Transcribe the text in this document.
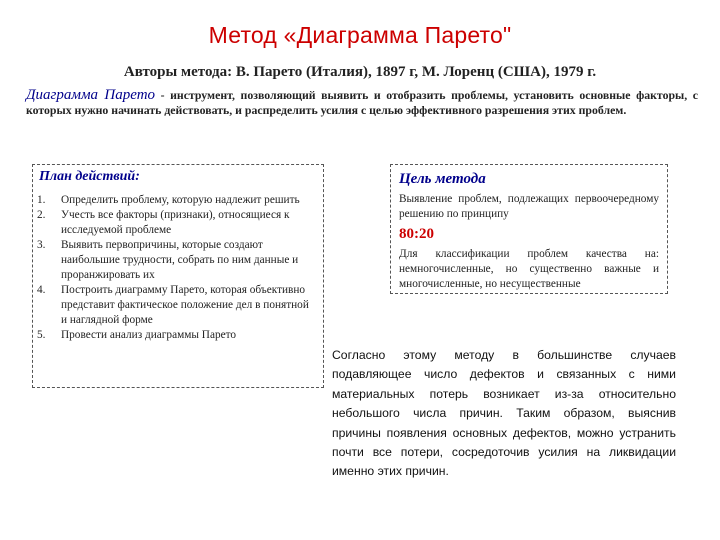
Метод «Диаграмма Парето"
Авторы метода: В. Парето (Италия), 1897 г, М. Лоренц (США), 1979 г.
Диаграмма Парето - инструмент, позволяющий выявить и отобразить проблемы, установить основные факторы, с которых нужно начинать действовать, и распределить усилия с целью эффективного разрешения этих проблем.
План действий:
1.	Определить проблему, которую надлежит решить
2.	Учесть все факторы (признаки), относящиеся к исследуемой проблеме
3.	Выявить первопричины, которые создают наибольшие трудности, собрать по ним данные и проранжировать их
4.	Построить диаграмму Парето, которая объективно представит фактическое положение дел в понятной и наглядной форме
5.	Провести анализ диаграммы Парето
Цель метода
Выявление проблем, подлежащих первоочередному решению по принципу
80:20
Для классификации проблем качества на: немногочисленные, но существенно важные и многочисленные, но несущественные
Согласно этому методу в большинстве случаев подавляющее число дефектов и связанных с ними материальных потерь возникает из-за относительно небольшого числа причин. Таким образом, выяснив причины появления основных дефектов, можно устранить почти все потери, сосредоточив усилия на ликвидации именно этих причин.
